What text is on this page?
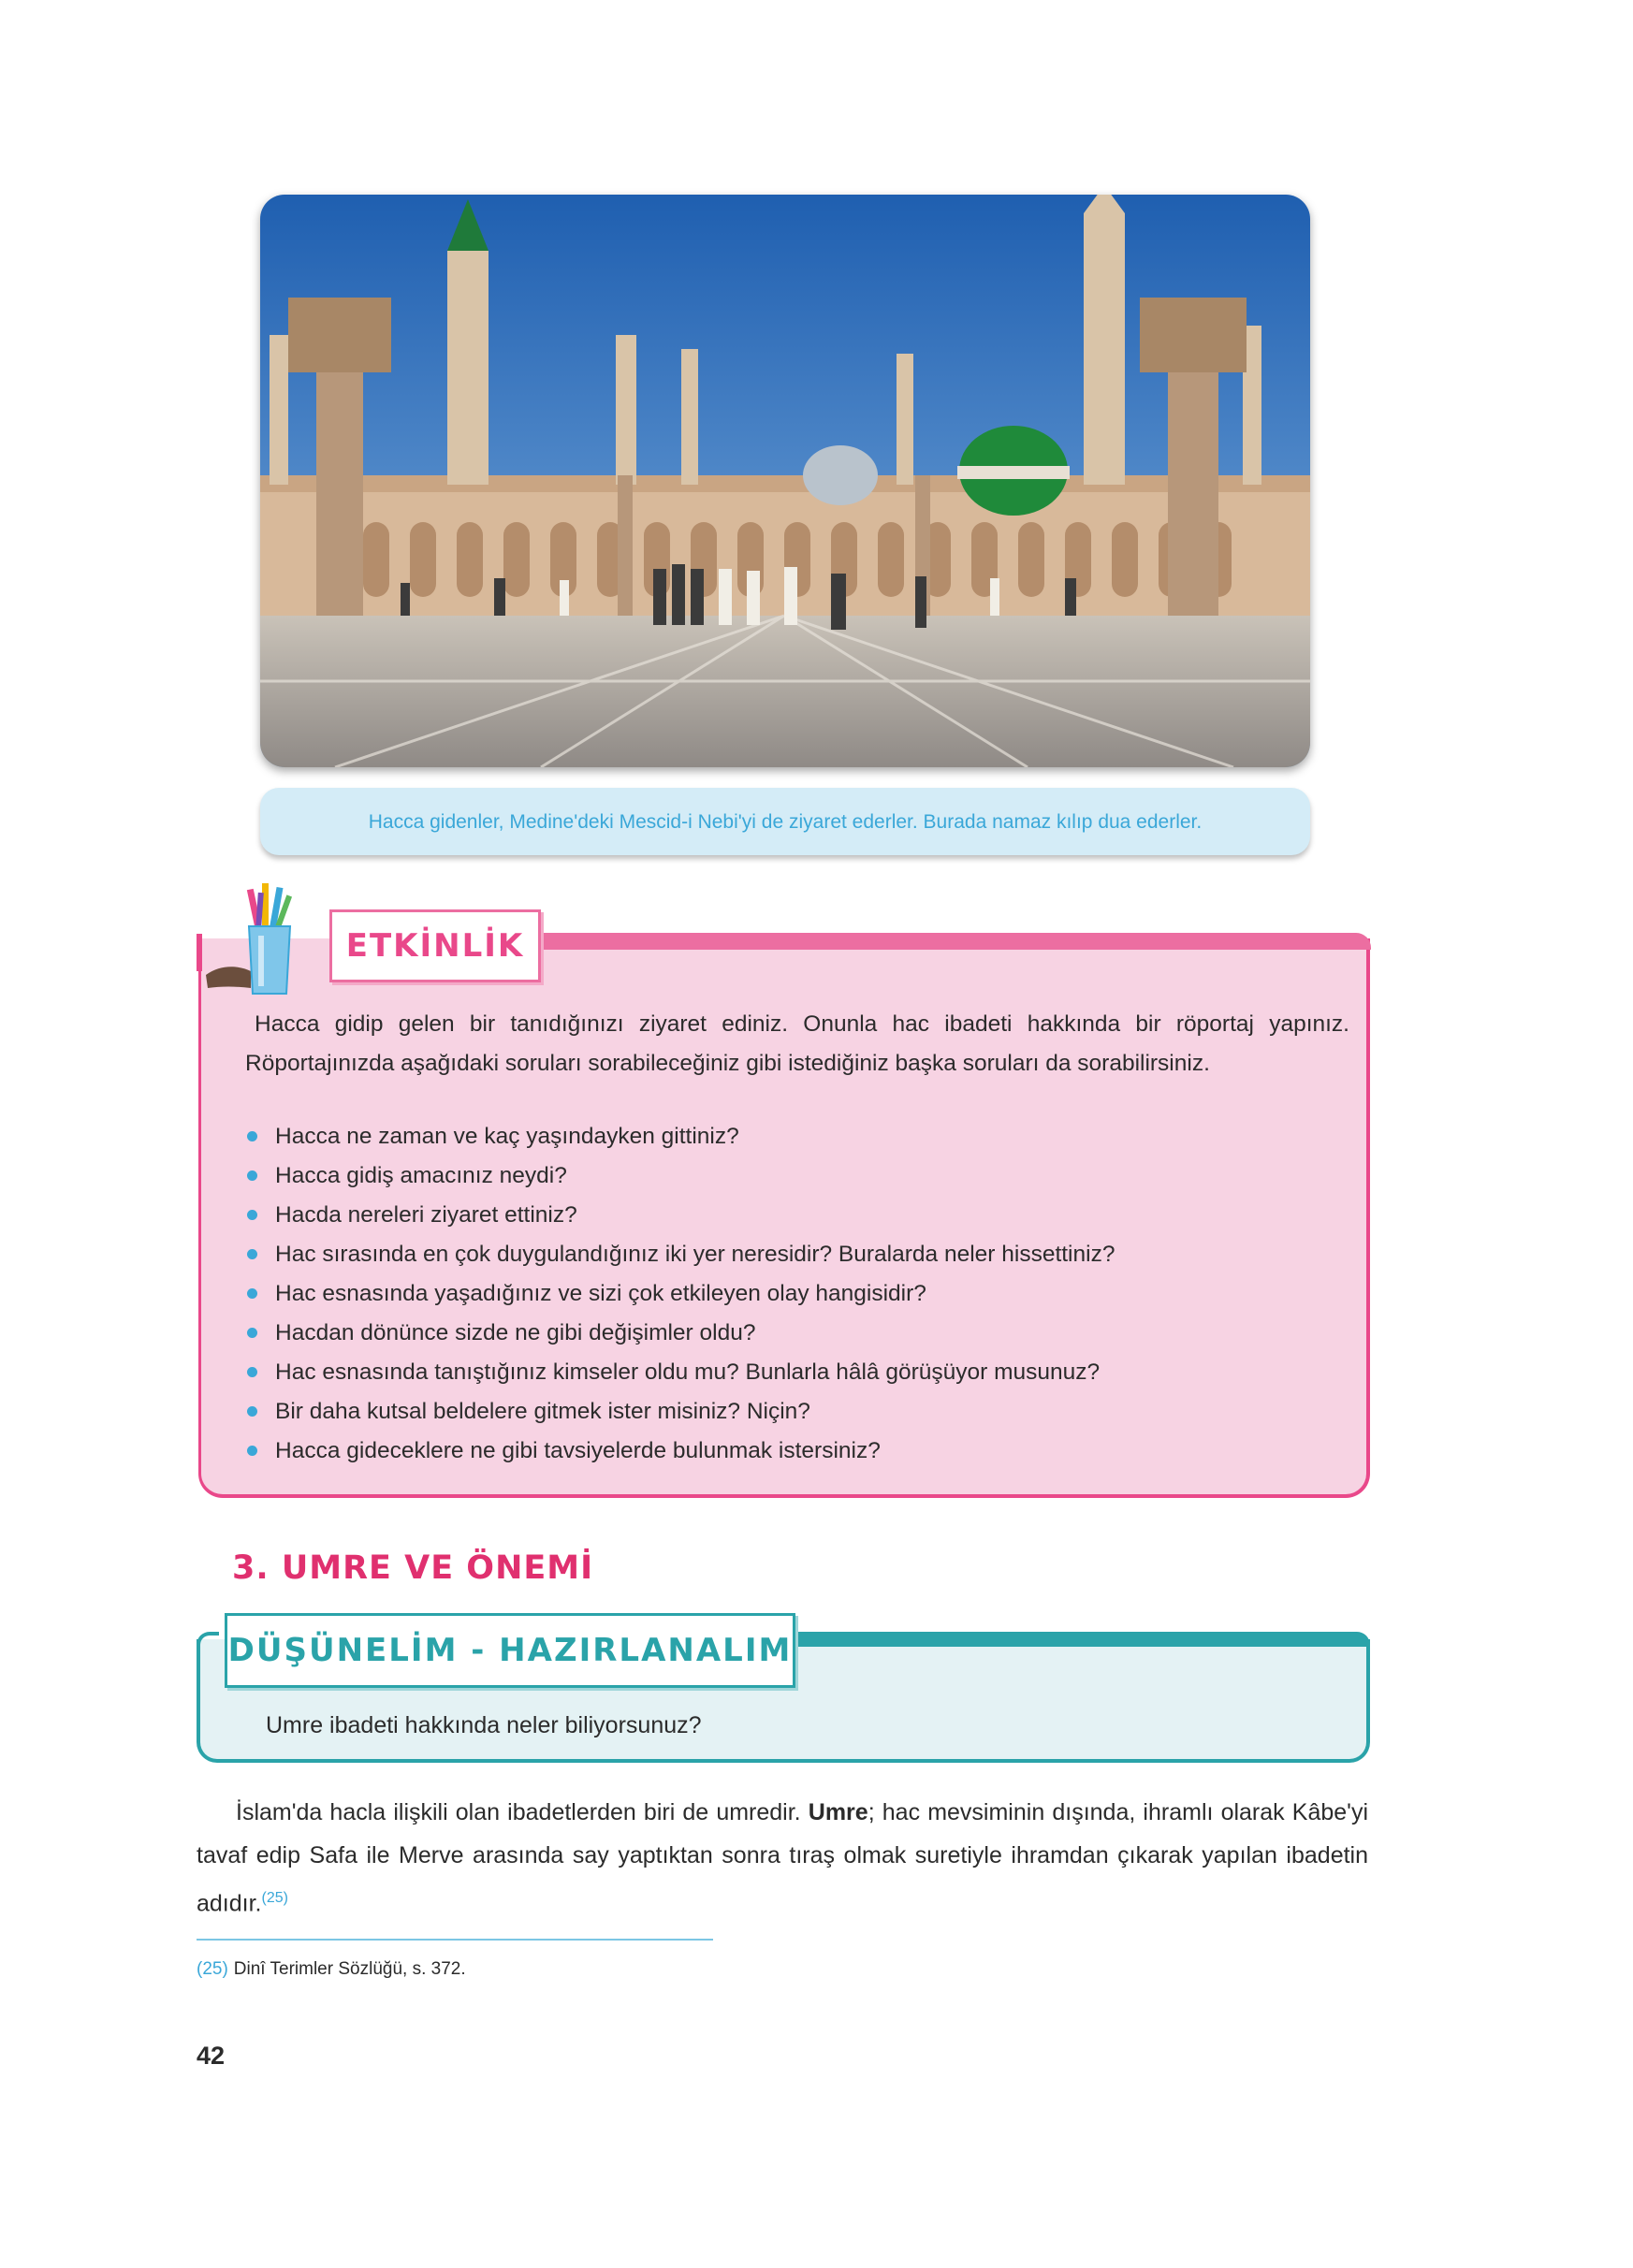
Hacca gidenler, Medine'deki Mescid-i Nebi'yi de ziyaret ederler. Burada namaz kılıp dua ederler.

ETKİNLİK

Hacca gidip gelen bir tanıdığınızı ziyaret ediniz. Onunla hac ibadeti hakkında bir röportaj yapınız. Röportajınızda aşağıdaki soruları sorabileceğiniz gibi istediğiniz başka soruları da sorabilirsiniz.

Hacca ne zaman ve kaç yaşındayken gittiniz?
Hacca gidiş amacınız neydi?
Hacda nereleri ziyaret ettiniz?
Hac sırasında en çok duygulandığınız iki yer neresidir? Buralarda neler hissettiniz?
Hac esnasında yaşadığınız ve sizi çok etkileyen olay hangisidir?
Hacdan dönünce sizde ne gibi değişimler oldu?
Hac esnasında tanıştığınız kimseler oldu mu? Bunlarla hâlâ görüşüyor musunuz?
Bir daha kutsal beldelere gitmek ister misiniz? Niçin?
Hacca gideceklere ne gibi tavsiyelerde bulunmak istersiniz?
3. UMRE VE ÖNEMİ
DÜŞÜNELİM - HAZIRLANALIM

Umre ibadeti hakkında neler biliyorsunuz?

İslam'da hacla ilişkili olan ibadetlerden biri de umredir. Umre; hac mevsiminin dışında, ihramlı olarak Kâbe'yi tavaf edip Safa ile Merve arasında say yaptıktan sonra tıraş olmak suretiyle ihramdan çıkarak yapılan ibadetin adıdır.$^{(25)}$

(25) Dinî Terimler Sözlüğü, s. 372.

42
